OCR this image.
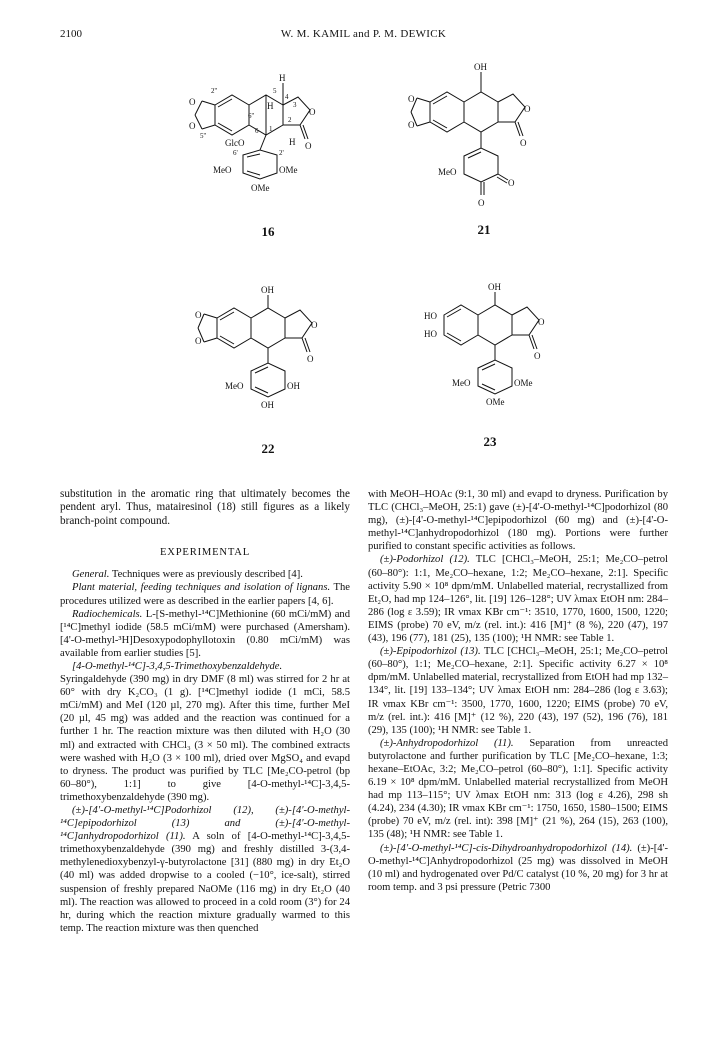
2100	W. M. KAMIL and P. M. DEWICK
H
H
H
2''
5''
6''
4
3
2
1
5
6
6'	2'
GlcO
MeO	OMe
OMe
O
O
O
O
16
OH
MeO
O
O
O
O
O
O
21
OH
MeO	OH
OH
O
O
O
O
22
OH
HO
HO
MeO	OMe
OMe
O
O
23

substitution in the aromatic ring that ultimately becomes the pendent aryl. Thus, matairesinol (18) still figures as a likely branch-point compound.

EXPERIMENTAL

General. Techniques were as previously described [4].

Plant material, feeding techniques and isolation of lignans. The procedures utilized were as described in the earlier papers [4, 6].

Radiochemicals. L-[S-methyl-¹⁴C]Methionine (60 mCi/mM) and [¹⁴C]methyl iodide (58.5 mCi/mM) were purchased (Amersham). [4'-O-methyl-³H]Desoxypodophyllotoxin (0.80 mCi/mM) was available from earlier studies [5].

[4-O-methyl-¹⁴C]-3,4,5-Trimethoxybenzaldehyde. Syringaldehyde (390 mg) in dry DMF (8 ml) was stirred for 2 hr at 60° with dry K₂CO₃ (1 g). [¹⁴C]methyl iodide (1 mCi, 58.5 mCi/mM) and MeI (120 µl, 270 mg). After this time, further MeI (20 µl, 45 mg) was added and the reaction was continued for a further 1 hr. The reaction mixture was then diluted with H₂O (30 ml) and extracted with CHCl₃ (3 × 50 ml). The combined extracts were washed with H₂O (3 × 100 ml), dried over MgSO₄ and evapd to dryness. The product was purified by TLC [Me₂CO-petrol (bp 60–80°), 1:1] to give [4-O-methyl-¹⁴C]-3,4,5-trimethoxybenzaldehyde (390 mg).

(±)-[4'-O-methyl-¹⁴C]Podorhizol (12), (±)-[4'-O-methyl-¹⁴C]epipodorhizol (13) and (±)-[4'-O-methyl-¹⁴C]anhydropodorhizol (11). A soln of [4-O-methyl-¹⁴C]-3,4,5-trimethoxybenzaldehyde (390 mg) and freshly distilled 3-(3,4-methylenedioxybenzyl-γ-butyrolactone [31] (880 mg) in dry Et₂O (40 ml) was added dropwise to a cooled (−10°, ice-salt), stirred suspension of freshly prepared NaOMe (116 mg) in dry Et₂O (40 ml). The reaction was allowed to proceed in a cold room (3°) for 24 hr, during which the reaction mixture gradually warmed to this temp. The reaction mixture was then quenched

with MeOH–HOAc (9:1, 30 ml) and evapd to dryness. Purification by TLC (CHCl₃–MeOH, 25:1) gave (±)-[4'-O-methyl-¹⁴C]podorhizol (80 mg), (±)-[4'-O-methyl-¹⁴C]epipodorhizol (60 mg) and (±)-[4'-O-methyl-¹⁴C]anhydropodorhizol (180 mg). Portions were further purified to constant specific activities as follows.

(±)-Podorhizol (12). TLC [CHCl₃–MeOH, 25:1; Me₂CO–petrol (60–80°): 1:1, Me₂CO–hexane, 1:2; Me₂CO–hexane, 2:1]. Specific activity 5.90 × 10⁸ dpm/mM. Unlabelled material, recrystallized from Et₂O, had mp 124–126°, lit. [19] 126–128°; UV λmax EtOH nm: 284–286 (log ε 3.59); IR νmax KBr cm⁻¹: 3510, 1770, 1600, 1500, 1220; EIMS (probe) 70 eV, m/z (rel. int.): 416 [M]⁺ (8 %), 220 (47), 197 (43), 196 (77), 181 (25), 135 (100); ¹H NMR: see Table 1.

(±)-Epipodorhizol (13). TLC [CHCl₃–MeOH, 25:1; Me₂CO–petrol (60–80°), 1:1; Me₂CO–hexane, 2:1]. Specific activity 6.27 × 10⁸ dpm/mM. Unlabelled material, recrystallized from EtOH had mp 132–134°, lit. [19] 133–134°; UV λmax EtOH nm: 284–286 (log ε 3.63); IR νmax KBr cm⁻¹: 3500, 1770, 1600, 1220; EIMS (probe) 70 eV, m/z (rel. int.): 416 [M]⁺ (12 %), 220 (43), 197 (52), 196 (76), 181 (29), 135 (100); ¹H NMR: see Table 1.

(±)-Anhydropodorhizol (11). Separation from unreacted butyrolactone and further purification by TLC [Me₂CO–hexane, 1:3; hexane–EtOAc, 3:2; Me₂CO–petrol (60–80°), 1:1]. Specific activity 6.19 × 10⁸ dpm/mM. Unlabelled material recrystallized from MeOH had mp 113–115°; UV λmax EtOH nm: 313 (log ε 4.26), 298 sh (4.24), 234 (4.30); IR νmax KBr cm⁻¹: 1750, 1650, 1580–1500; EIMS (probe) 70 eV, m/z (rel. int): 398 [M]⁺ (21 %), 264 (15), 263 (100), 135 (48); ¹H NMR: see Table 1.

(±)-[4'-O-methyl-¹⁴C]-cis-Dihydroanhydropodorhizol (14). (±)-[4'-O-methyl-¹⁴C]Anhydropodorhizol (25 mg) was dissolved in MeOH (10 ml) and hydrogenated over Pd/C catalyst (10 %, 20 mg) for 3 hr at room temp. and 3 psi pressure (Petric 7300
